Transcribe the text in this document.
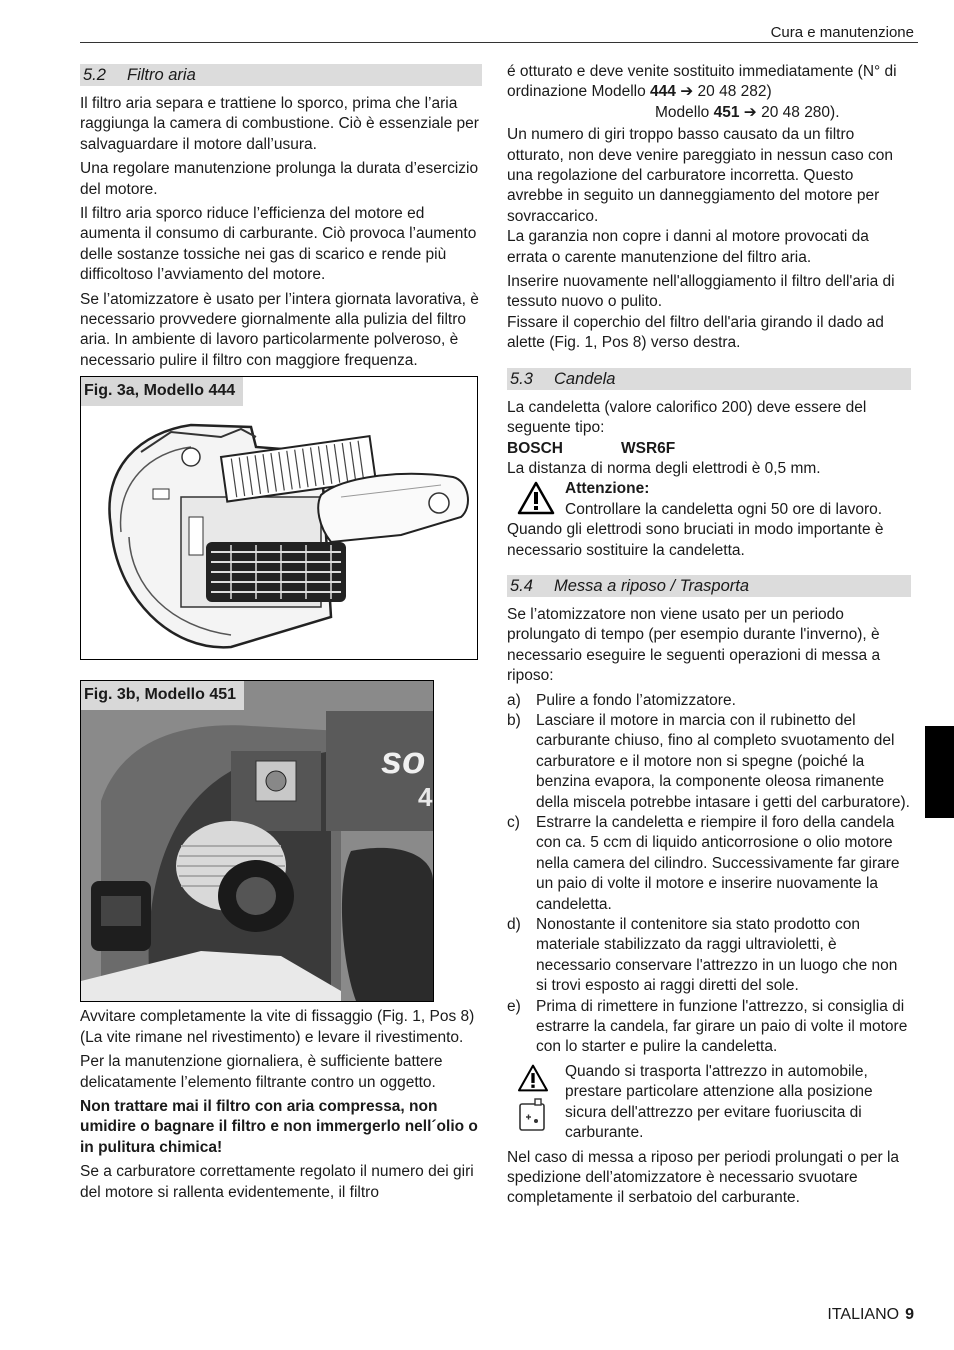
Cura e manutenzione
5.2 Filtro aria

Il filtro aria separa e trattiene lo sporco, prima che l’aria raggiunga la camera di combustione. Ciò è essenziale per salvaguardare il motore dall’usura.

Una regolare manutenzione prolunga la durata d’esercizio del motore.

Il filtro aria sporco riduce l’efficienza del motore ed aumenta il consumo di carburante. Ciò provoca l’aumento delle sostanze tossiche nei gas di scarico e rende più difficoltoso l’avviamento del motore.

Se l’atomizzatore è usato per l’intera giornata lavorativa, è necessario provvedere giornalmente alla pulizia del filtro aria. In ambiente di lavoro particolarmente polveroso, è necessario pulire il filtro con maggiore frequenza.

Fig. 3a, Modello 444
Fig. 3b, Modello 451
so
4

Avvitare completamente la vite di fissaggio (Fig. 1, Pos 8) (La vite rimane nel rivestimento) e levare il rivestimento.

Per la manutenzione giornaliera, è sufficiente battere delicatamente l’elemento filtrante contro un oggetto.

Non trattare mai il filtro con aria compressa, non umidire o bagnare il filtro e non immergerlo nell´olio o in pulitura chimica!

Se a carburatore correttamente regolato il numero dei giri del motore si rallenta evidentemente, il filtro

é otturato e deve venite sostituito immediatamente (N° di ordinazione Modello 444 ➔ 20 48 282)
Modello 451 ➔ 20 48 280).

Un numero di giri troppo basso causato da un filtro otturato, non deve venire pareggiato in nessun caso con una regolazione del carburatore incorretta. Questo avrebbe in seguito un danneggiamento del motore per sovraccarico.

La garanzia non copre i danni al motore provocati da errata o carente manutenzione del filtro aria.

Inserire nuovamente nell'alloggiamento il filtro dell'aria di tessuto nuovo o pulito.

Fissare il coperchio del filtro dell'aria girando il dado ad alette (Fig. 1, Pos 8) verso destra.

5.3 Candela

La candeletta (valore calorifico 200) deve essere del seguente tipo:

BOSCH	WSR6F

La distanza di norma degli elettrodi è 0,5 mm.

Attenzione:

Controllare la candeletta ogni 50 ore di lavoro. Quando gli elettrodi sono bruciati in modo importante è necessario sostituire la candeletta.

5.4 Messa a riposo / Trasporta

Se l’atomizzatore non viene usato per un periodo prolungato di tempo (per esempio durante l'inverno), è necessario eseguire le seguenti operazioni di messa a riposo:

a) Pulire a fondo l’atomizzatore.
b) Lasciare il motore in marcia con il rubinetto del carburante chiuso, fino al completo svuotamento del carburatore e il motore non si spegne (poiché la benzina evapora, la componente oleosa rimanente della miscela potrebbe intasare i getti del carburatore).
c) Estrarre la candeletta e riempire il foro della candela con ca. 5 ccm di liquido anticorrosione o olio motore nella camera del cilindro. Successivamente far girare un paio di volte il motore e inserire nuovamente la candeletta.
d) Nonostante il contenitore sia stato prodotto con materiale stabilizzato da raggi ultravioletti, è necessario conservare l'attrezzo in un luogo che non si trovi esposto ai raggi diretti del sole.
e) Prima di rimettere in funzione l'attrezzo, si consiglia di estrarre la candela, far girare un paio di volte il motore con lo starter e pulire la candeletta.
Quando si trasporta l'attrezzo in automobile, prestare particolare attenzione alla posizione sicura dell'attrezzo per evitare fuoriuscita di carburante.

Nel caso di messa a riposo per periodi prolungati o per la spedizione dell’atomizzatore è necessario svuotare completamente il serbatoio del carburante.

ITALIANO 9
